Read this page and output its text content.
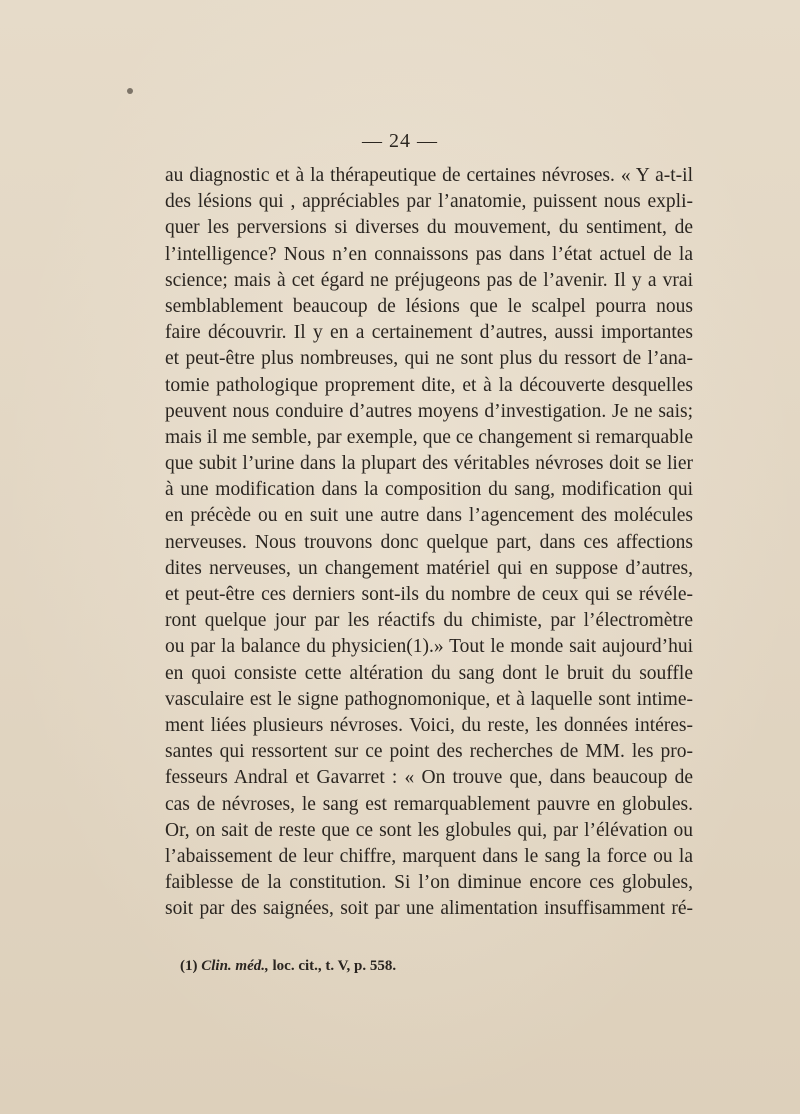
— 24 —
au diagnostic et à la thérapeutique de certaines névroses. « Y a-t-il
des lésions qui , appréciables par l’anatomie, puissent nous expli-
quer les perversions si diverses du mouvement, du sentiment, de
l’intelligence? Nous n’en connaissons pas dans l’état actuel de la
science; mais à cet égard ne préjugeons pas de l’avenir. Il y a vrai
semblablement beaucoup de lésions que le scalpel pourra nous
faire découvrir. Il y en a certainement d’autres, aussi importantes
et peut-être plus nombreuses, qui ne sont plus du ressort de l’ana-
tomie pathologique proprement dite, et à la découverte desquelles
peuvent nous conduire d’autres moyens d’investigation. Je ne sais;
mais il me semble, par exemple, que ce changement si remarquable
que subit l’urine dans la plupart des véritables névroses doit se lier
à une modification dans la composition du sang, modification qui
en précède ou en suit une autre dans l’agencement des molécules
nerveuses. Nous trouvons donc quelque part, dans ces affections
dites nerveuses, un changement matériel qui en suppose d’autres,
et peut-être ces derniers sont-ils du nombre de ceux qui se révéle-
ront quelque jour par les réactifs du chimiste, par l’électromètre
ou par la balance du physicien(1).» Tout le monde sait aujourd’hui
en quoi consiste cette altération du sang dont le bruit du souffle
vasculaire est le signe pathognomonique, et à laquelle sont intime-
ment liées plusieurs névroses. Voici, du reste, les données intéres-
santes qui ressortent sur ce point des recherches de MM. les pro-
fesseurs Andral et Gavarret : « On trouve que, dans beaucoup de
cas de névroses, le sang est remarquablement pauvre en globules.
Or, on sait de reste que ce sont les globules qui, par l’élévation ou
l’abaissement de leur chiffre, marquent dans le sang la force ou la
faiblesse de la constitution. Si l’on diminue encore ces globules,
soit par des saignées, soit par une alimentation insuffisamment ré-
(1) Clin. méd., loc. cit., t. V, p. 558.
